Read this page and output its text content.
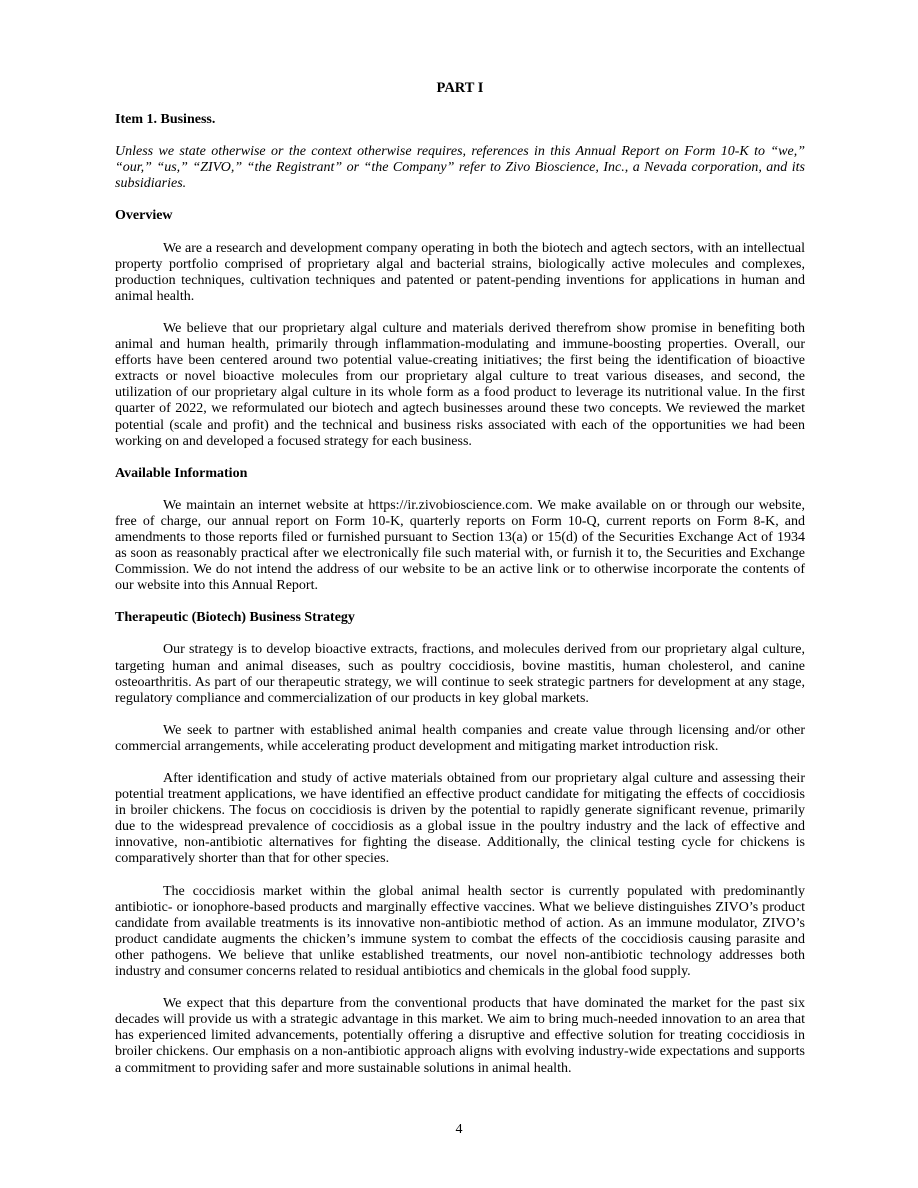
PART I
Item 1. Business.

Unless we state otherwise or the context otherwise requires, references in this Annual Report on Form 10-K to “we,” “our,” “us,” “ZIVO,” “the Registrant” or “the Company” refer to Zivo Bioscience, Inc., a Nevada corporation, and its subsidiaries.

Overview

We are a research and development company operating in both the biotech and agtech sectors, with an intellectual property portfolio comprised of proprietary algal and bacterial strains, biologically active molecules and complexes, production techniques, cultivation techniques and patented or patent-pending inventions for applications in human and animal health.

We believe that our proprietary algal culture and materials derived therefrom show promise in benefiting both animal and human health, primarily through inflammation-modulating and immune-boosting properties. Overall, our efforts have been centered around two potential value-creating initiatives; the first being the identification of bioactive extracts or novel bioactive molecules from our proprietary algal culture to treat various diseases, and second, the utilization of our proprietary algal culture in its whole form as a food product to leverage its nutritional value. In the first quarter of 2022, we reformulated our biotech and agtech businesses around these two concepts. We reviewed the market potential (scale and profit) and the technical and business risks associated with each of the opportunities we had been working on and developed a focused strategy for each business.

Available Information

We maintain an internet website at https://ir.zivobioscience.com. We make available on or through our website, free of charge, our annual report on Form 10-K, quarterly reports on Form 10-Q, current reports on Form 8-K, and amendments to those reports filed or furnished pursuant to Section 13(a) or 15(d) of the Securities Exchange Act of 1934 as soon as reasonably practical after we electronically file such material with, or furnish it to, the Securities and Exchange Commission. We do not intend the address of our website to be an active link or to otherwise incorporate the contents of our website into this Annual Report.

Therapeutic (Biotech) Business Strategy

Our strategy is to develop bioactive extracts, fractions, and molecules derived from our proprietary algal culture, targeting human and animal diseases, such as poultry coccidiosis, bovine mastitis, human cholesterol, and canine osteoarthritis. As part of our therapeutic strategy, we will continue to seek strategic partners for development at any stage, regulatory compliance and commercialization of our products in key global markets.

We seek to partner with established animal health companies and create value through licensing and/or other commercial arrangements, while accelerating product development and mitigating market introduction risk.

After identification and study of active materials obtained from our proprietary algal culture and assessing their potential treatment applications, we have identified an effective product candidate for mitigating the effects of coccidiosis in broiler chickens. The focus on coccidiosis is driven by the potential to rapidly generate significant revenue, primarily due to the widespread prevalence of coccidiosis as a global issue in the poultry industry and the lack of effective and innovative, non-antibiotic alternatives for fighting the disease. Additionally, the clinical testing cycle for chickens is comparatively shorter than that for other species.

The coccidiosis market within the global animal health sector is currently populated with predominantly antibiotic- or ionophore-based products and marginally effective vaccines. What we believe distinguishes ZIVO’s product candidate from available treatments is its innovative non-antibiotic method of action. As an immune modulator, ZIVO’s product candidate augments the chicken’s immune system to combat the effects of the coccidiosis causing parasite and other pathogens. We believe that unlike established treatments, our novel non-antibiotic technology addresses both industry and consumer concerns related to residual antibiotics and chemicals in the global food supply.

We expect that this departure from the conventional products that have dominated the market for the past six decades will provide us with a strategic advantage in this market. We aim to bring much-needed innovation to an area that has experienced limited advancements, potentially offering a disruptive and effective solution for treating coccidiosis in broiler chickens. Our emphasis on a non-antibiotic approach aligns with evolving industry-wide expectations and supports a commitment to providing safer and more sustainable solutions in animal health.

4
